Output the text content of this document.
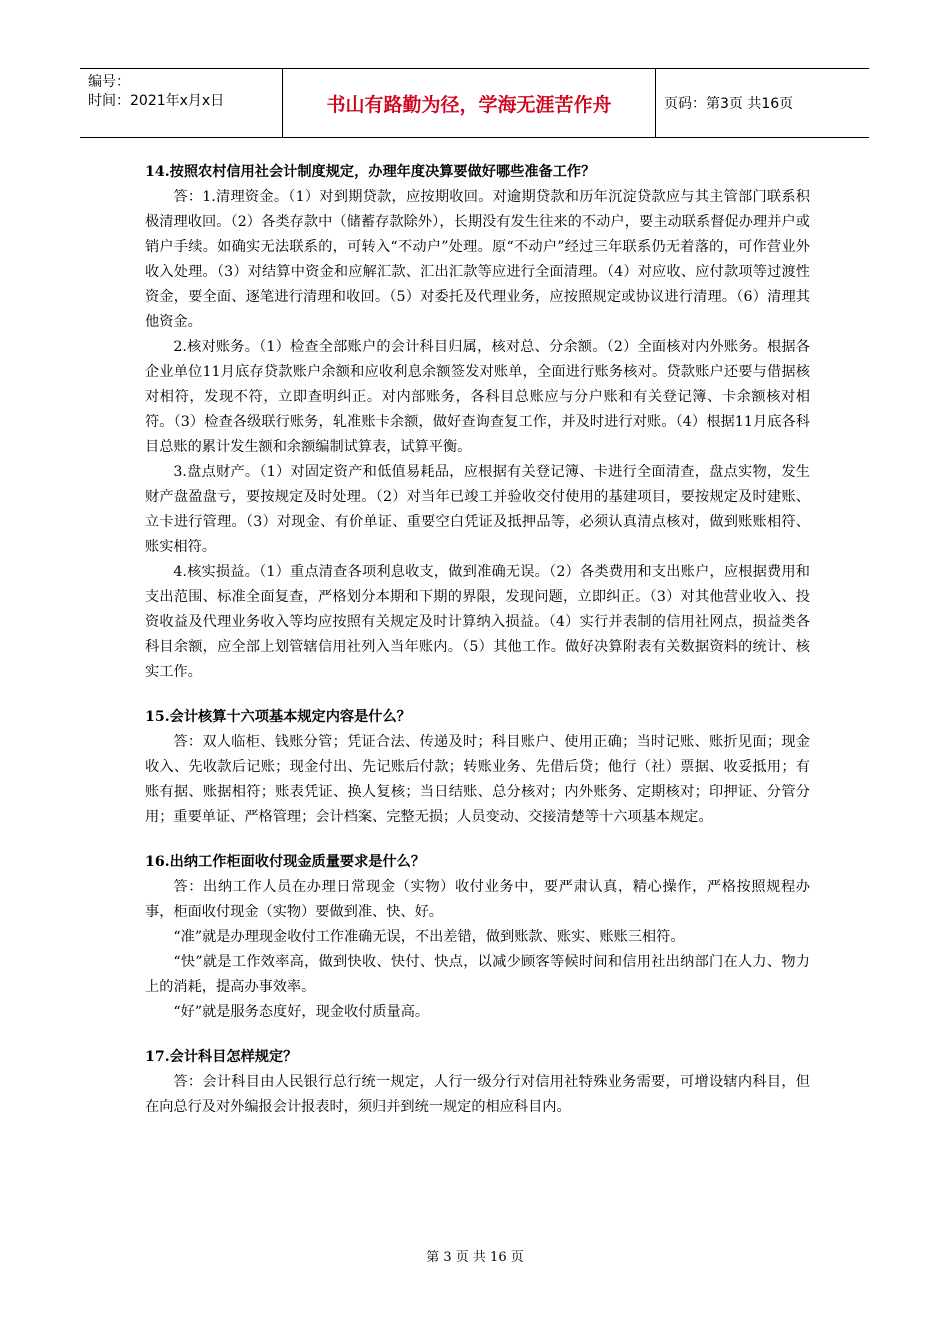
编号：
时间：2021年x月x日	书山有路勤为径，学海无涯苦作舟	页码：第3页 共16页

14.按照农村信用社会计制度规定，办理年度决算要做好哪些准备工作？

答：1.清理资金。（1）对到期贷款，应按期收回。对逾期贷款和历年沉淀贷款应与其主管部门联系积极清理收回。（2）各类存款中（储蓄存款除外），长期没有发生往来的不动户，要主动联系督促办理并户或销户手续。如确实无法联系的，可转入“不动户”处理。原“不动户”经过三年联系仍无着落的，可作营业外收入处理。（3）对结算中资金和应解汇款、汇出汇款等应进行全面清理。（4）对应收、应付款项等过渡性资金，要全面、逐笔进行清理和收回。（5）对委托及代理业务，应按照规定或协议进行清理。（6）清理其他资金。

2.核对账务。（1）检查全部账户的会计科目归属，核对总、分余额。（2）全面核对内外账务。根据各企业单位11月底存贷款账户余额和应收利息余额签发对账单，全面进行账务核对。贷款账户还要与借据核对相符，发现不符，立即查明纠正。对内部账务，各科目总账应与分户账和有关登记簿、卡余额核对相符。（3）检查各级联行账务，轧准账卡余额，做好查询查复工作，并及时进行对账。（4）根据11月底各科目总账的累计发生额和余额编制试算表，试算平衡。

3.盘点财产。（1）对固定资产和低值易耗品，应根据有关登记簿、卡进行全面清查，盘点实物，发生财产盘盈盘亏，要按规定及时处理。（2）对当年已竣工并验收交付使用的基建项目，要按规定及时建账、立卡进行管理。（3）对现金、有价单证、重要空白凭证及抵押品等，必须认真清点核对，做到账账相符、账实相符。

4.核实损益。（1）重点清查各项利息收支，做到准确无误。（2）各类费用和支出账户，应根据费用和支出范围、标准全面复查，严格划分本期和下期的界限，发现问题，立即纠正。（3）对其他营业收入、投资收益及代理业务收入等均应按照有关规定及时计算纳入损益。（4）实行并表制的信用社网点，损益类各科目余额，应全部上划管辖信用社列入当年账内。（5）其他工作。做好决算附表有关数据资料的统计、核实工作。

15.会计核算十六项基本规定内容是什么？

答：双人临柜、钱账分管；凭证合法、传递及时；科目账户、使用正确；当时记账、账折见面；现金收入、先收款后记账；现金付出、先记账后付款；转账业务、先借后贷；他行（社）票据、收妥抵用；有账有据、账据相符；账表凭证、换人复核；当日结账、总分核对；内外账务、定期核对；印押证、分管分用；重要单证、严格管理；会计档案、完整无损；人员变动、交接清楚等十六项基本规定。

16.出纳工作柜面收付现金质量要求是什么？

答：出纳工作人员在办理日常现金（实物）收付业务中，要严肃认真，精心操作，严格按照规程办事，柜面收付现金（实物）要做到准、快、好。

“准”就是办理现金收付工作准确无误，不出差错，做到账款、账实、账账三相符。

“快”就是工作效率高，做到快收、快付、快点，以减少顾客等候时间和信用社出纳部门在人力、物力上的消耗，提高办事效率。

“好”就是服务态度好，现金收付质量高。

17.会计科目怎样规定？

答：会计科目由人民银行总行统一规定，人行一级分行对信用社特殊业务需要，可增设辖内科目，但在向总行及对外编报会计报表时，须归并到统一规定的相应科目内。

第 3 页 共 16 页
